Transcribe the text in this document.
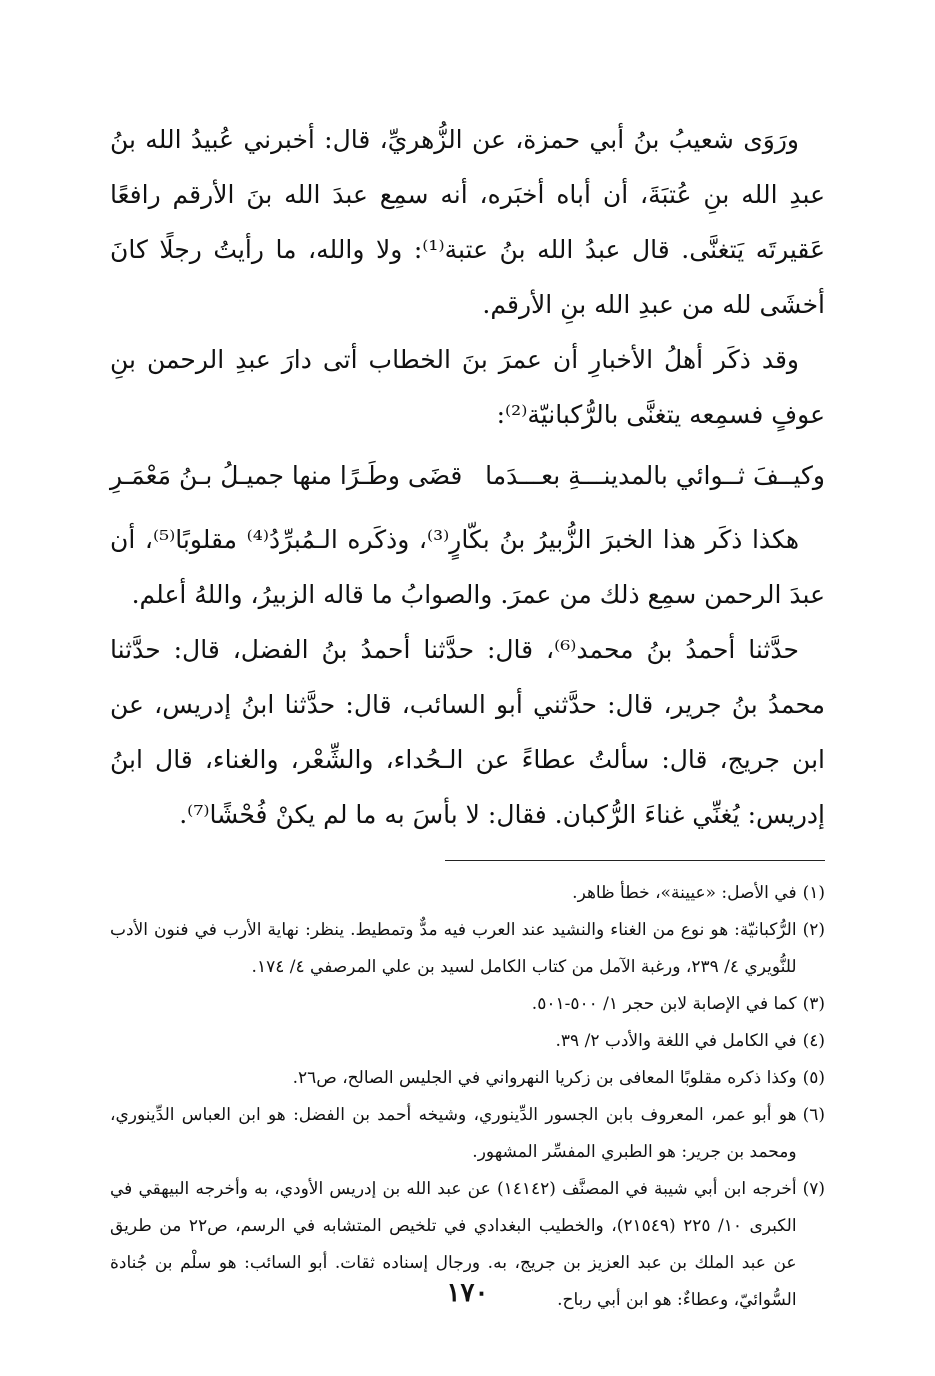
ورَوَى شعيبُ بنُ أبي حمزة، عن الزُّهريِّ، قال: أخبرني عُبيدُ الله بنُ عبدِ الله بنِ عُتبَةَ، أن أباه أخبَره، أنه سمِع عبدَ الله بنَ الأرقم رافعًا عَقيرتَه يَتغنَّى. قال عبدُ الله بنُ عتبة⁽¹⁾: ولا والله، ما رأيتُ رجلًا كانَ أخشَى لله من عبدِ الله بنِ الأرقم.

وقد ذكَر أهلُ الأخبارِ أن عمرَ بنَ الخطاب أتى دارَ عبدِ الرحمن بنِ عوفٍ فسمِعه يتغنَّى بالرُّكبانيّة⁽²⁾:

وكيــفَ ثــوائي بالمدينـــةِ بعـــدَما
قضَى وطَـرًا منها جميـلُ بـنُ مَعْمَـرِ

هكذا ذكَر هذا الخبرَ الزُّبيرُ بنُ بكّارٍ⁽³⁾، وذكَره الـمُبرِّدُ⁽⁴⁾ مقلوبًا⁽⁵⁾، أن عبدَ الرحمن سمِع ذلك من عمرَ. والصوابُ ما قاله الزبيرُ، واللهُ أعلم.

حدَّثنا أحمدُ بنُ محمد⁽⁶⁾، قال: حدَّثنا أحمدُ بنُ الفضل، قال: حدَّثنا محمدُ بنُ جرير، قال: حدَّثني أبو السائب، قال: حدَّثنا ابنُ إدريس، عن ابن جريج، قال: سألتُ عطاءً عن الـحُداء، والشِّعْر، والغناء، قال ابنُ إدريس: يُغنِّي غناءَ الرُّكبان. فقال: لا بأسَ به ما لم يكنْ فُحْشًا⁽⁷⁾.

(١)
في الأصل: «عيينة»، خطأ ظاهر.
(٢)
الرُّكبانيّة: هو نوع من الغناء والنشيد عند العرب فيه مدٌّ وتمطيط. ينظر: نهاية الأرب في فنون الأدب للنُّويري ٤/ ٢٣٩، ورغبة الآمل من كتاب الكامل لسيد بن علي المرصفي ٤/ ١٧٤.
(٣)
كما في الإصابة لابن حجر ١/ ٥٠٠-٥٠١.
(٤)
في الكامل في اللغة والأدب ٢/ ٣٩.
(٥)
وكذا ذكره مقلوبًا المعافى بن زكريا النهرواني في الجليس الصالح، ص٢٦.
(٦)
هو أبو عمر، المعروف بابن الجسور الدِّينوري، وشيخه أحمد بن الفضل: هو ابن العباس الدِّينوري، ومحمد بن جرير: هو الطبري المفسِّر المشهور.
(٧)
أخرجه ابن أبي شيبة في المصنَّف (١٤١٤٢) عن عبد الله بن إدريس الأودي، به وأخرجه البيهقي في الكبرى ١٠/ ٢٢٥ (٢١٥٤٩)، والخطيب البغدادي في تلخيص المتشابه في الرسم، ص٢٢ من طريق عن عبد الملك بن عبد العزيز بن جريج، به. ورجال إسناده ثقات. أبو السائب: هو سلْم بن جُنادة السُّوائيّ، وعطاءٌ: هو ابن أبي رباح.
١٧٠
